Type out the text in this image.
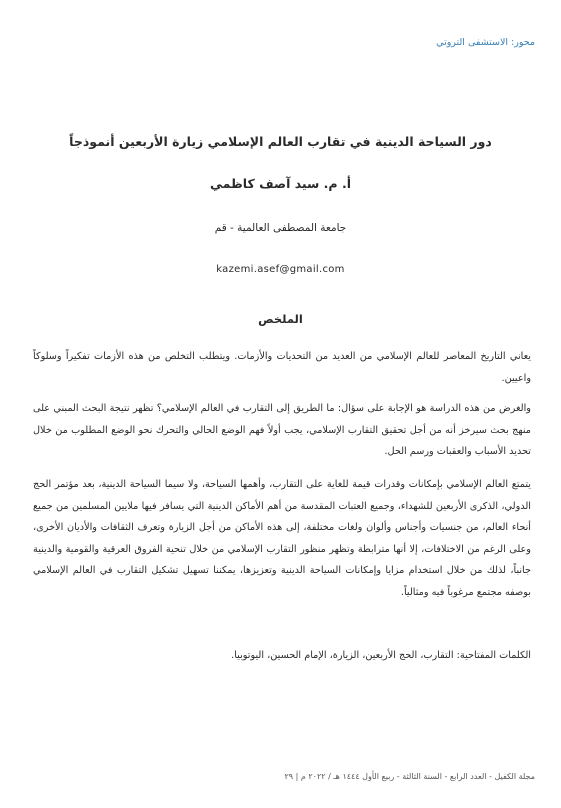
محور: الاستشفى التروتي
دور السياحة الدينية في تقارب العالم الإسلامي زيارة الأربعين أنموذجاً
أ. م. سيد آصف كاظمي
جامعة المصطفى العالمية - قم
kazemi.asef@gmail.com
الملخص

يعاني التاريخ المعاصر للعالم الإسلامي من العديد من التحديات والأزمات. ويتطلب التخلص من هذه الأزمات تفكيراً وسلوكاً واعيين.

والغرض من هذه الدراسة هو الإجابة على سؤال: ما الطريق إلى التقارب في العالم الإسلامي؟ تظهر نتيجة البحث المبني على منهج بحث سيرخز أنه من أجل تحقيق التقارب الإسلامي، يجب أولاً فهم الوضع الحالي والتحرك نحو الوضع المطلوب من خلال تحديد الأسباب والعقبات ورسم الحل.

يتمتع العالم الإسلامي بإمكانات وقدرات قيمة للغاية على التقارب، وأهمها السياحة، ولا سيما السياحة الدينية، بعد مؤتمر الحج الدولي، الذكرى الأربعين للشهداء، وجميع العتبات المقدسة من أهم الأماكن الدينية التي يسافر فيها ملايين المسلمين من جميع أنحاء العالم، من جنسيات وأجناس وألوان ولغات مختلفة، إلى هذه الأماكن من أجل الزيارة وتعرف الثقافات والأديان الأخرى، وعلى الرغم من الاختلافات، إلا أنها مترابطة وتظهر منظور التقارب الإسلامي من خلال تنحية الفروق العرقية والقومية والدينية جانباً، لذلك من خلال استخدام مزايا وإمكانات السياحة الدينية وتعزيزها، يمكننا تسهيل تشكيل التقارب في العالم الإسلامي بوصفه مجتمع مرغوباً فيه ومثالياً.

الكلمات المفتاحية: التقارب، الحج الأربعين، الزيارة، الإمام الحسين، اليوتوبيا.
مجلة الكفيل - العدد الرابع - السنة الثالثة - ربيع الأول ١٤٤٤ هـ / ٢٠٢٢ م | ٢٩
